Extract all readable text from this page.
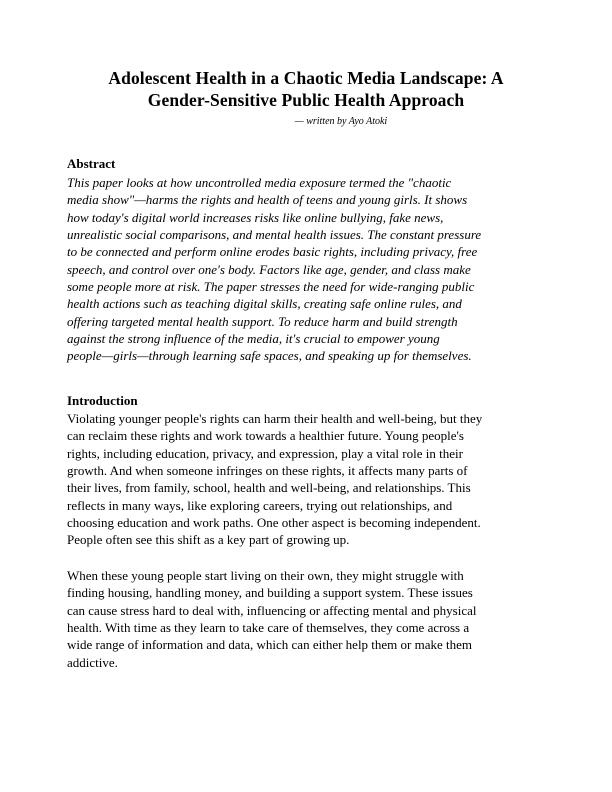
Adolescent Health in a Chaotic Media Landscape: A
Gender-Sensitive Public Health Approach
— written by Ayo Atoki
Abstract

This paper looks at how uncontrolled media exposure termed the "chaotic
media show"—harms the rights and health of teens and young girls. It shows
how today's digital world increases risks like online bullying, fake news,
unrealistic social comparisons, and mental health issues. The constant pressure
to be connected and perform online erodes basic rights, including privacy, free
speech, and control over one's body. Factors like age, gender, and class make
some people more at risk. The paper stresses the need for wide-ranging public
health actions such as teaching digital skills, creating safe online rules, and
offering targeted mental health support. To reduce harm and build strength
against the strong influence of the media, it's crucial to empower young
people—girls—through learning safe spaces, and speaking up for themselves.

Introduction

Violating younger people's rights can harm their health and well-being, but they
can reclaim these rights and work towards a healthier future. Young people's
rights, including education, privacy, and expression, play a vital role in their
growth. And when someone infringes on these rights, it affects many parts of
their lives, from family, school, health and well-being, and relationships. This
reflects in many ways, like exploring careers, trying out relationships, and
choosing education and work paths. One other aspect is becoming independent.
People often see this shift as a key part of growing up.

When these young people start living on their own, they might struggle with
finding housing, handling money, and building a support system. These issues
can cause stress hard to deal with, influencing or affecting mental and physical
health. With time as they learn to take care of themselves, they come across a
wide range of information and data, which can either help them or make them
addictive.
